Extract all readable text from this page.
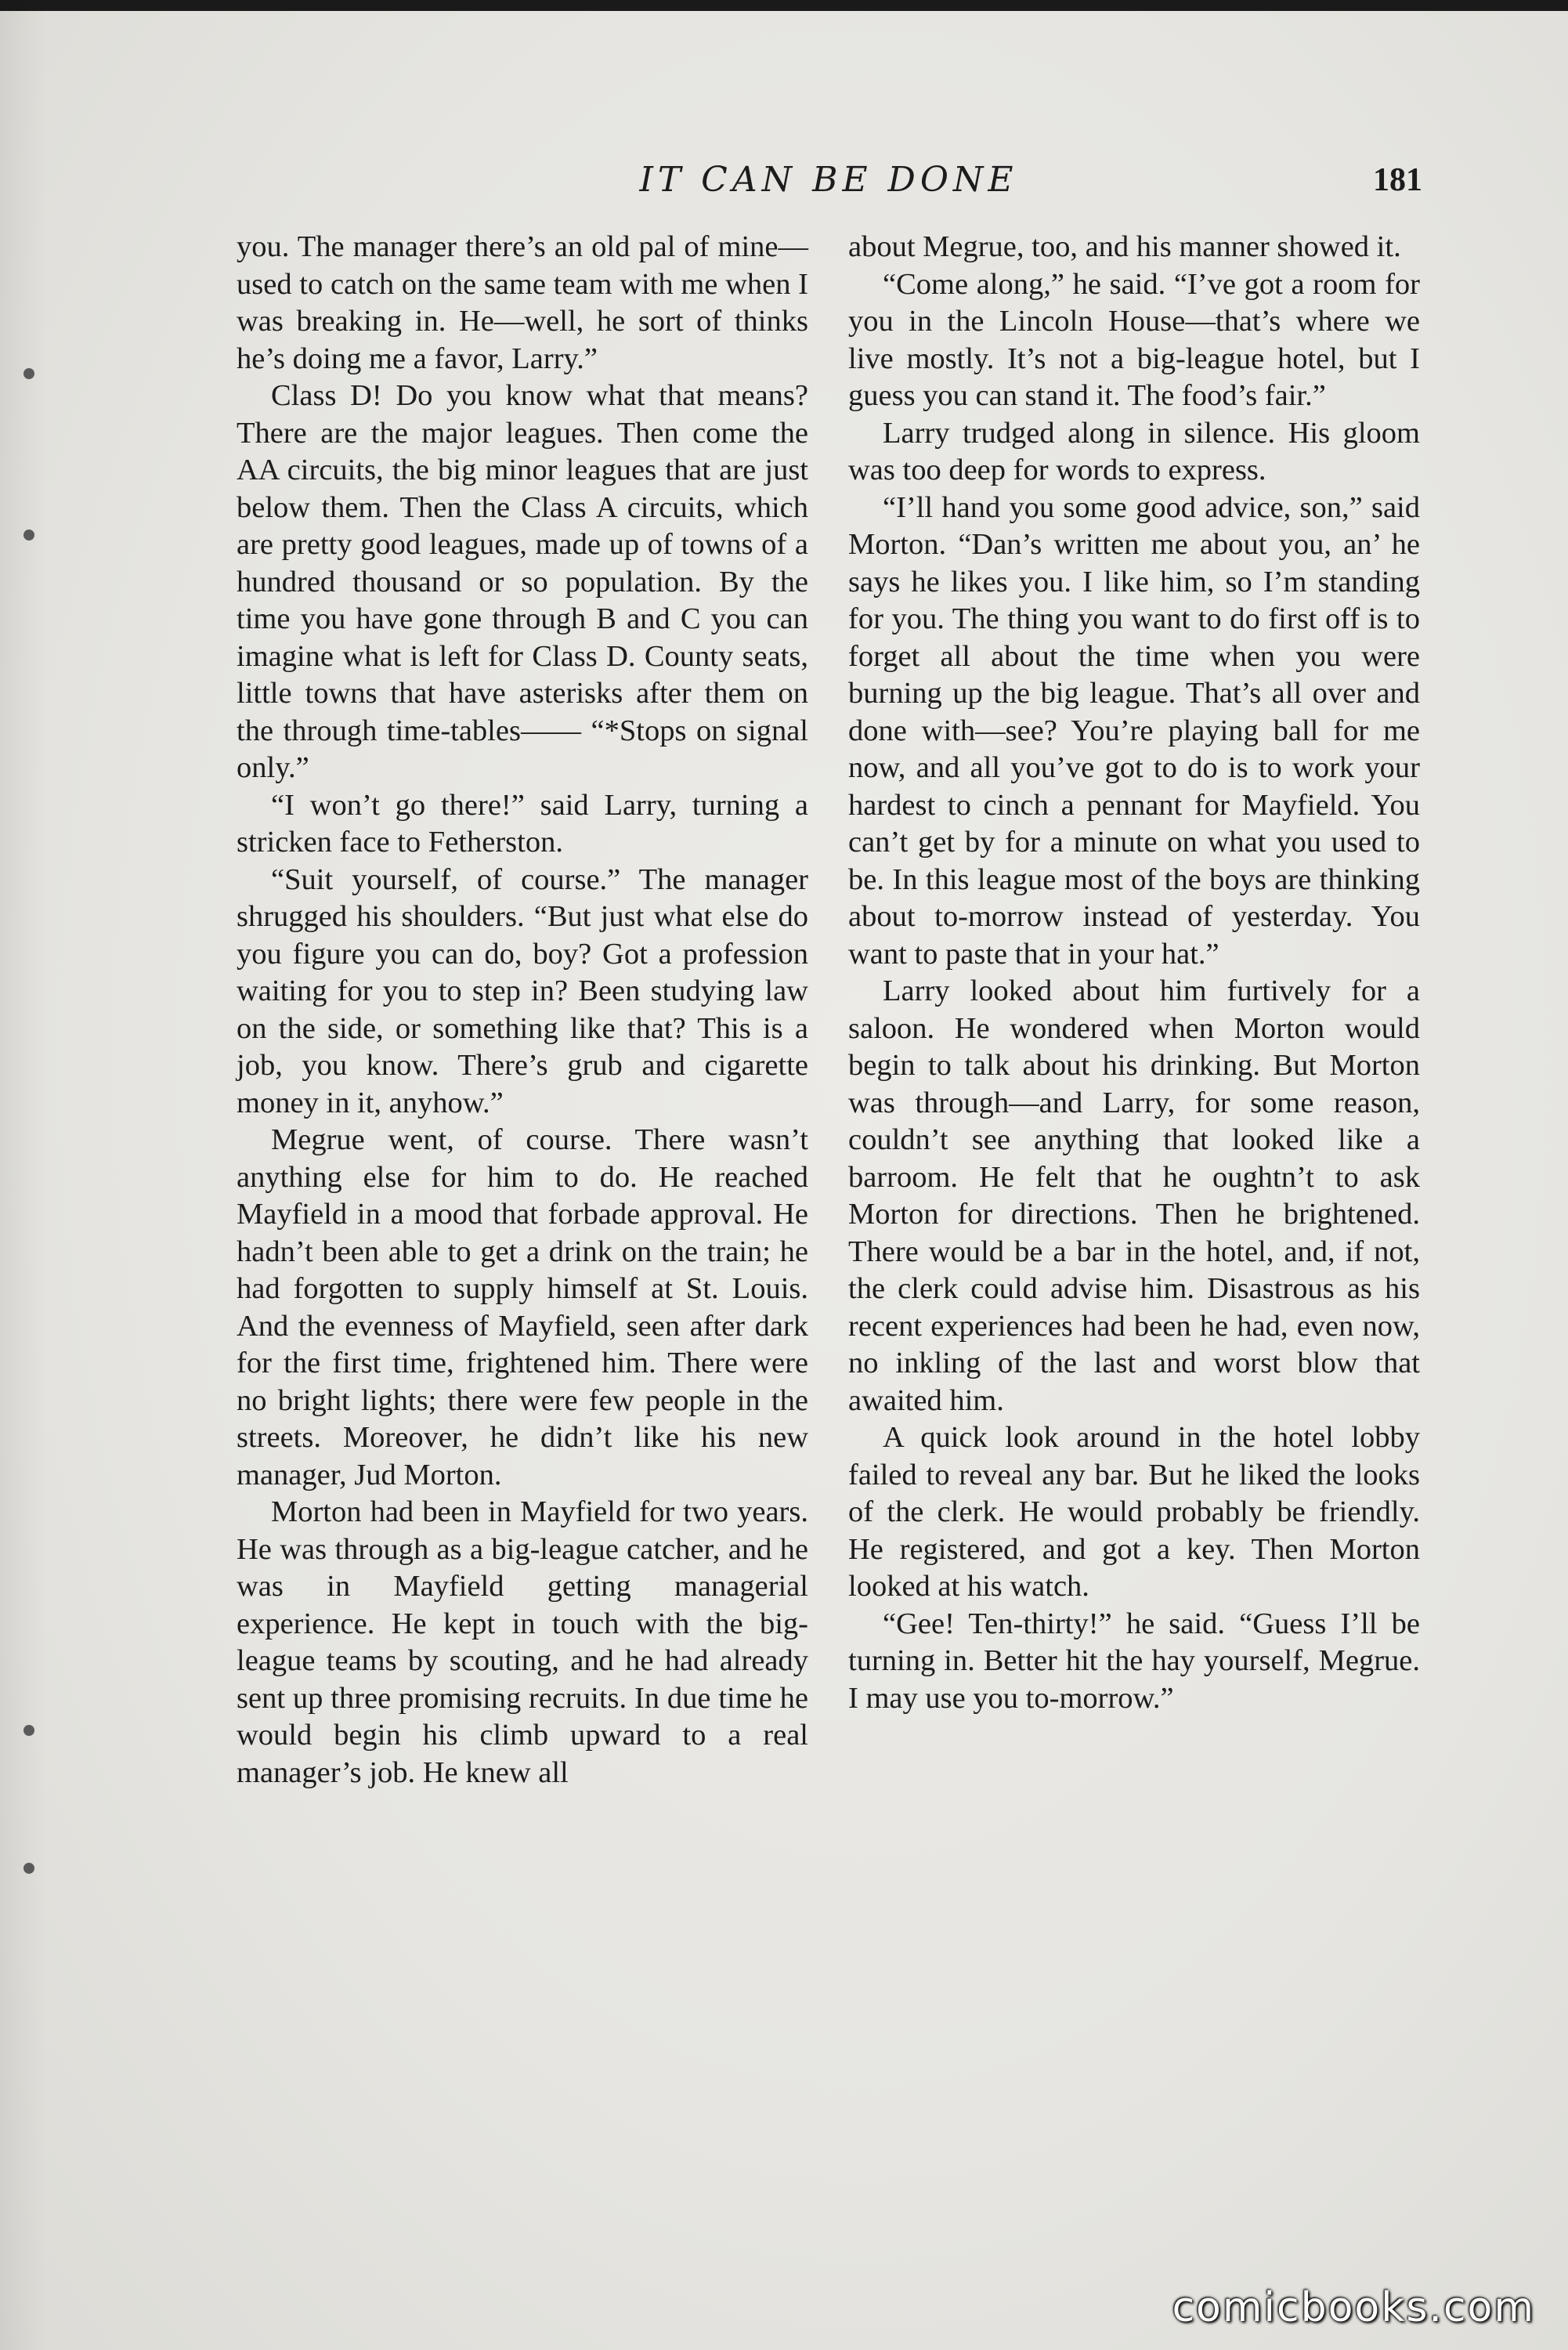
IT CAN BE DONE	181

you. The manager there’s an old pal of mine—used to catch on the same team with me when I was breaking in. He—well, he sort of thinks he’s doing me a favor, Larry.”

Class D! Do you know what that means? There are the major leagues. Then come the AA circuits, the big minor leagues that are just below them. Then the Class A circuits, which are pretty good leagues, made up of towns of a hundred thousand or so population. By the time you have gone through B and C you can imagine what is left for Class D. County seats, little towns that have asterisks after them on the through time-tables—— “*Stops on signal only.”

“I won’t go there!” said Larry, turning a stricken face to Fetherston.

“Suit yourself, of course.” The manager shrugged his shoulders. “But just what else do you figure you can do, boy? Got a profession waiting for you to step in? Been studying law on the side, or something like that? This is a job, you know. There’s grub and cigarette money in it, anyhow.”

Megrue went, of course. There wasn’t anything else for him to do. He reached Mayfield in a mood that forbade approval. He hadn’t been able to get a drink on the train; he had forgotten to supply himself at St. Louis. And the evenness of Mayfield, seen after dark for the first time, frightened him. There were no bright lights; there were few people in the streets. Moreover, he didn’t like his new manager, Jud Morton.

Morton had been in Mayfield for two years. He was through as a big-league catcher, and he was in Mayfield getting managerial experience. He kept in touch with the big-league teams by scouting, and he had already sent up three promising recruits. In due time he would begin his climb upward to a real manager’s job. He knew all

about Megrue, too, and his manner showed it.

“Come along,” he said. “I’ve got a room for you in the Lincoln House—that’s where we live mostly. It’s not a big-league hotel, but I guess you can stand it. The food’s fair.”

Larry trudged along in silence. His gloom was too deep for words to express.

“I’ll hand you some good advice, son,” said Morton. “Dan’s written me about you, an’ he says he likes you. I like him, so I’m standing for you. The thing you want to do first off is to forget all about the time when you were burning up the big league. That’s all over and done with—see? You’re playing ball for me now, and all you’ve got to do is to work your hardest to cinch a pennant for Mayfield. You can’t get by for a minute on what you used to be. In this league most of the boys are thinking about to-morrow instead of yesterday. You want to paste that in your hat.”

Larry looked about him furtively for a saloon. He wondered when Morton would begin to talk about his drinking. But Morton was through—and Larry, for some reason, couldn’t see anything that looked like a barroom. He felt that he oughtn’t to ask Morton for directions. Then he brightened. There would be a bar in the hotel, and, if not, the clerk could advise him. Disastrous as his recent experiences had been he had, even now, no inkling of the last and worst blow that awaited him.

A quick look around in the hotel lobby failed to reveal any bar. But he liked the looks of the clerk. He would probably be friendly. He registered, and got a key. Then Morton looked at his watch.

“Gee! Ten-thirty!” he said. “Guess I’ll be turning in. Better hit the hay yourself, Megrue. I may use you to-morrow.”

comicbooks.com
